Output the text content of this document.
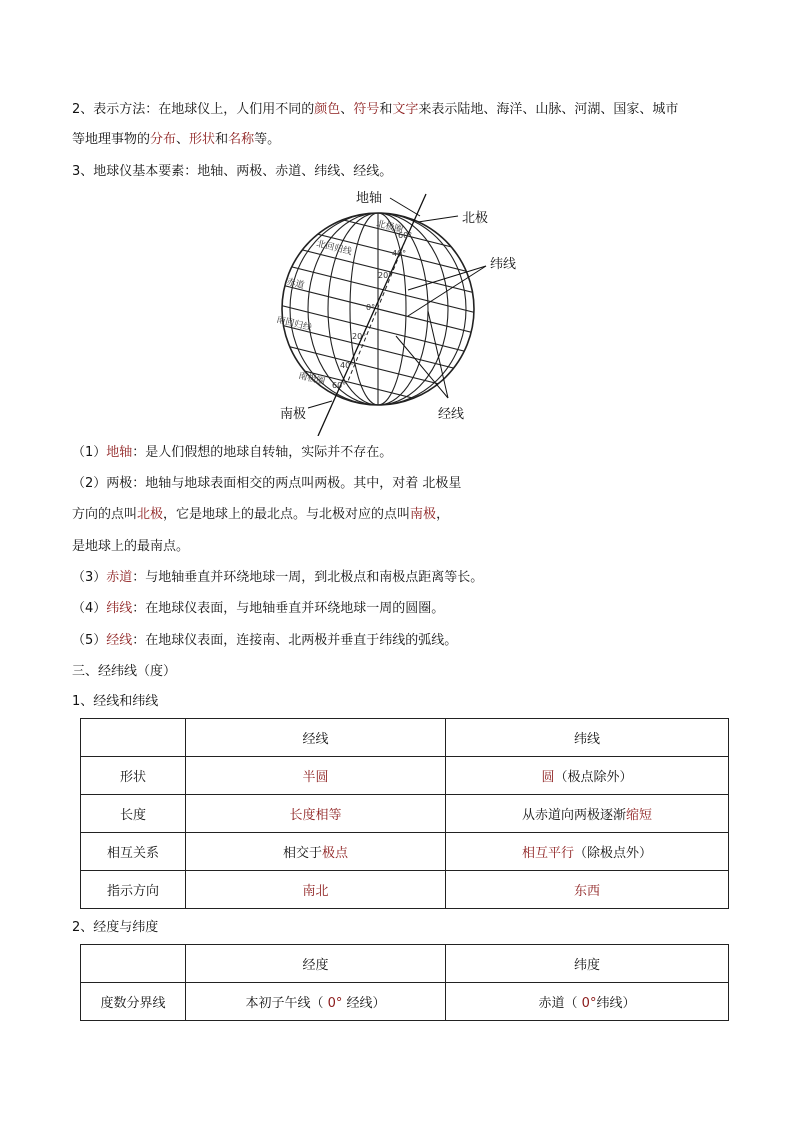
2、表示方法：在地球仪上，人们用不同的颜色、符号和文字来表示陆地、海洋、山脉、河湖、国家、城市
等地理事物的分布、形状和名称等。
3、地球仪基本要素：地轴、两极、赤道、纬线、经线。
地轴
北极
纬线
南极	经线
北极圈
北回归线
赤道
南回归线
南极圈
60°
40°
20°
0°
20°
40°
60°
（1）地轴：是人们假想的地球自转轴，实际并不存在。
（2）两极：地轴与地球表面相交的两点叫两极。其中，对着 北极星
方向的点叫北极，它是地球上的最北点。与北极对应的点叫南极，
是地球上的最南点。
（3）赤道：与地轴垂直并环绕地球一周，到北极点和南极点距离等长。
（4）纬线：在地球仪表面，与地轴垂直并环绕地球一周的圆圈。
（5）经线：在地球仪表面，连接南、北两极并垂直于纬线的弧线。
三、经纬线（度）
1、经线和纬线
	经线	纬线
形状	半圆	圆（极点除外）
长度	长度相等	从赤道向两极逐渐缩短
相互关系	相交于极点	相互平行（除极点外）
指示方向	南北	东西
2、经度与纬度
	经度	纬度
度数分界线	本初子午线（ 0° 经线）	赤道（ 0°纬线）
